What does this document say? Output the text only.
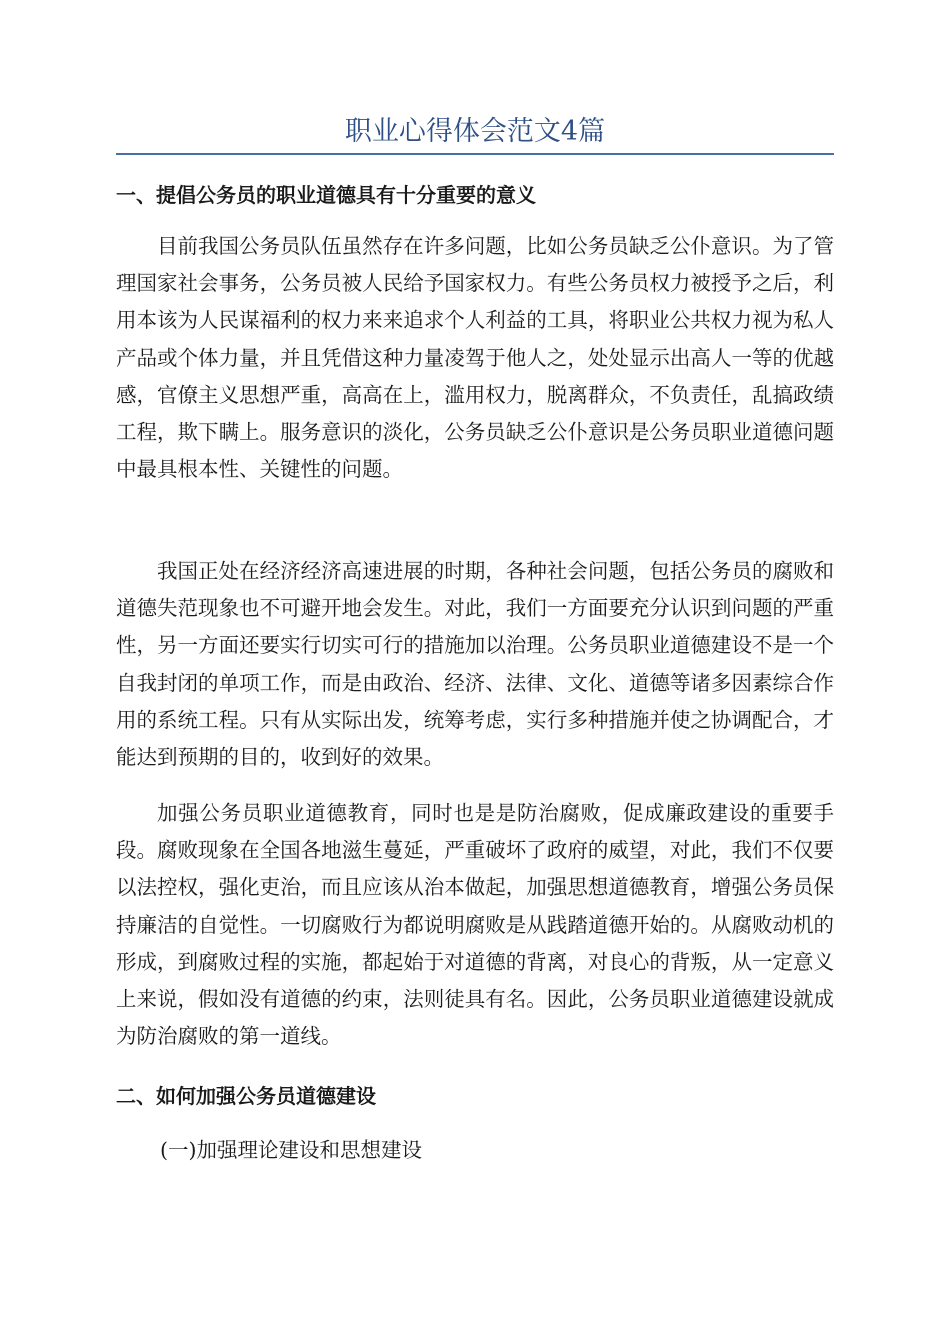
职业心得体会范文4篇
一、提倡公务员的职业道德具有十分重要的意义

目前我国公务员队伍虽然存在许多问题，比如公务员缺乏公仆意识。为了管理国家社会事务，公务员被人民给予国家权力。有些公务员权力被授予之后，利用本该为人民谋福利的权力来来追求个人利益的工具，将职业公共权力视为私人产品或个体力量，并且凭借这种力量凌驾于他人之，处处显示出高人一等的优越感，官僚主义思想严重，高高在上，滥用权力，脱离群众，不负责任，乱搞政绩工程，欺下瞒上。服务意识的淡化，公务员缺乏公仆意识是公务员职业道德问题中最具根本性、关键性的问题。

我国正处在经济经济高速进展的时期，各种社会问题，包括公务员的腐败和道德失范现象也不可避开地会发生。对此，我们一方面要充分认识到问题的严重性，另一方面还要实行切实可行的措施加以治理。公务员职业道德建设不是一个自我封闭的单项工作，而是由政治、经济、法律、文化、道德等诸多因素综合作用的系统工程。只有从实际出发，统筹考虑，实行多种措施并使之协调配合，才能达到预期的目的，收到好的效果。

加强公务员职业道德教育，同时也是是防治腐败，促成廉政建设的重要手段。腐败现象在全国各地滋生蔓延，严重破坏了政府的威望，对此，我们不仅要以法控权，强化吏治，而且应该从治本做起，加强思想道德教育，增强公务员保持廉洁的自觉性。一切腐败行为都说明腐败是从践踏道德开始的。从腐败动机的形成，到腐败过程的实施，都起始于对道德的背离，对良心的背叛，从一定意义上来说，假如没有道德的约束，法则徒具有名。因此，公务员职业道德建设就成为防治腐败的第一道线。

二、如何加强公务员道德建设

(一)加强理论建设和思想建设
